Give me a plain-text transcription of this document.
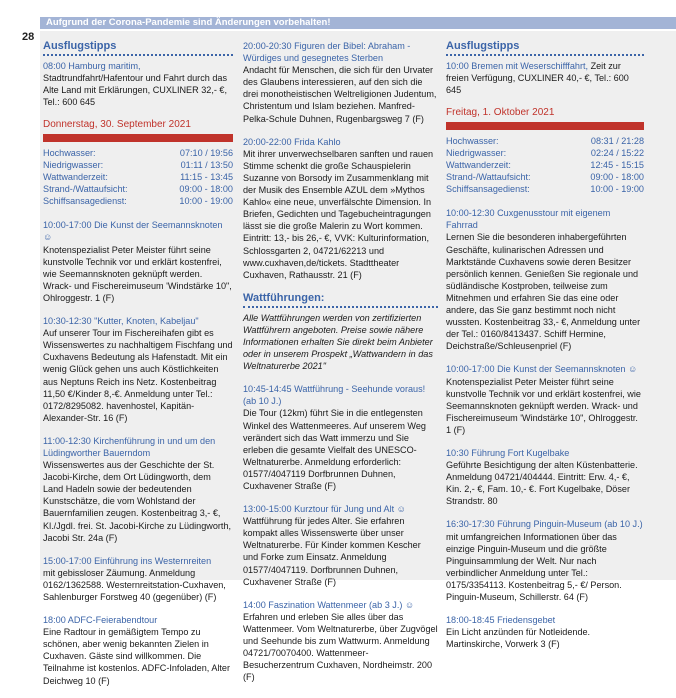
Aufgrund der Corona-Pandemie sind Änderungen vorbehalten!
28
Ausflugstipps
08:00 Hamburg maritim, Stadtrundfahrt/Hafentour und Fahrt durch das Alte Land mit Erklärungen, CUXLINER 32,- €, Tel.: 600 645
Donnerstag, 30. September 2021
Hochwasser:	07:10 / 19:56
Niedrigwasser:	01:11 / 13:50
Wattwanderzeit:	11:15 - 13:45
Strand-/Wattaufsicht:	09:00 - 18:00
Schiffsansagedienst:	10:00 - 19:00
10:00-17:00 Die Kunst der Seemannsknoten ☺
Knotenspezialist Peter Meister führt seine kunstvolle Technik vor und erklärt kostenfrei, wie Seemannsknoten geknüpft werden. Wrack- und Fischereimuseum 'Windstärke 10", Ohlroggestr. 1 (F)
10:30-12:30 "Kutter, Knoten, Kabeljau"
Auf unserer Tour im Fischereihafen gibt es Wissenswertes zu nachhaltigem Fischfang und Cuxhavens Bedeutung als Hafenstadt. Mit ein wenig Glück gehen uns auch Köstlichkeiten aus Neptuns Reich ins Netz. Kostenbeitrag 11,50 €/Kinder 8,-€. Anmeldung unter Tel.: 0172/8295082. havenhostel, Kapitän-Alexander-Str. 16 (F)
11:00-12:30 Kirchenführung in und um den Lüdingworther Bauerndom
Wissenswertes aus der Geschichte der St. Jacobi-Kirche, dem Ort Lüdingworth, dem Land Hadeln sowie der bedeutenden Kunstschätze, die vom Wohlstand der Bauernfamilien zeugen. Kostenbeitrag 3,- €, Kl./Jgdl. frei. St. Jacobi-Kirche zu Lüdingworth, Jacobi Str. 24a (F)
15:00-17:00 Einführung ins Westernreiten
mit gebissloser Zäumung. Anmeldung 0162/1362588. Westernreitstation-Cuxhaven, Sahlenburger Forstweg 40 (gegenüber) (F)
18:00 ADFC-Feierabendtour
Eine Radtour in gemäßigtem Tempo zu schönen, aber wenig bekannten Zielen in Cuxhaven. Gäste sind willkommen. Die Teilnahme ist kostenlos. ADFC-Infoladen, Alter Deichweg 10 (F)
20:00-20:30 Figuren der Bibel: Abraham - Würdiges und gesegnetes Sterben
Andacht für Menschen, die sich für den Urvater des Glaubens interessieren, auf den sich die drei monotheistischen Weltreligionen Judentum, Christentum und Islam beziehen. Manfred-Pelka-Schule Duhnen, Rugenbargsweg 7 (F)
20:00-22:00 Frida Kahlo
Mit ihrer unverwechselbaren sanften und rauen Stimme schenkt die große Schauspielerin Suzanne von Borsody im Zusammenklang mit der Musik des Ensemble AZUL dem »Mythos Kahlo« eine neue, unverfälschte Dimension. In Briefen, Gedichten und Tagebucheintragungen lässt sie die große Malerin zu Wort kommen. Eintritt: 13,- bis 26,- €, VVK: Kulturinformation, Schlossgarten 2, 04721/62213 und www.cuxhaven,de/tickets. Stadttheater Cuxhaven, Rathausstr. 21 (F)
Wattführungen:
Alle Wattführungen werden von zertifizierten Wattführern angeboten. Preise sowie nähere Informationen erhalten Sie direkt beim Anbieter oder in unserem Prospekt „Wattwandern in das Weltnaturerbe 2021"
10:45-14:45 Wattführung - Seehunde voraus! (ab 10 J.)
Die Tour (12km) führt Sie in die entlegensten Winkel des Wattenmeeres. Auf unserem Weg verändert sich das Watt immerzu und Sie erleben die gesamte Vielfalt des UNESCO-Weltnaturerbe. Anmeldung erforderlich: 01577/4047119 Dorfbrunnen Duhnen, Cuxhavener Straße (F)
13:00-15:00 Kurztour für Jung und Alt ☺
Wattführung für jedes Alter. Sie erfahren kompakt alles Wissenswerte über unser Weltnaturerbe. Für Kinder kommen Kescher und Forke zum Einsatz. Anmeldung 01577/4047119. Dorfbrunnen Duhnen, Cuxhavener Straße (F)
14:00 Faszination Wattenmeer (ab 3 J.) ☺
Erfahren und erleben Sie alles über das Wattenmeer. Vom Weltnaturerbe, über Zugvögel und Seehunde bis zum Wattwurm. Anmeldung 04721/70070400. Wattenmeer-Besucherzentrum Cuxhaven, Nordheimstr. 200 (F)
Ausflugstipps
10:00 Bremen mit Weserschifffahrt, Zeit zur freien Verfügung, CUXLINER 40,- €, Tel.: 600 645
Freitag, 1. Oktober 2021
Hochwasser:	08:31 / 21:28
Niedrigwasser:	02:24 / 15:22
Wattwanderzeit:	12:45 - 15:15
Strand-/Wattaufsicht:	09:00 - 18:00
Schiffsansagedienst:	10:00 - 19:00
10:00-12:30 Cuxgenusstour mit eigenem Fahrrad
Lernen Sie die besonderen inhabergeführten Geschäfte, kulinarischen Adressen und Marktstände Cuxhavens sowie deren Besitzer persönlich kennen. Genießen Sie regionale und südländische Kostproben, teilweise zum Mitnehmen und erfahren Sie das eine oder andere, das Sie ganz bestimmt noch nicht wussten. Kostenbeitrag 33,- €, Anmeldung unter der Tel.: 0160/8413437. Schiff Hermine, Deichstraße/Schleusenpriel (F)
10:00-17:00 Die Kunst der Seemannsknoten ☺
Knotenspezialist Peter Meister führt seine kunstvolle Technik vor und erklärt kostenfrei, wie Seemannsknoten geknüpft werden. Wrack- und Fischereimuseum 'Windstärke 10", Ohlroggestr. 1 (F)
10:30 Führung Fort Kugelbake
Geführte Besichtigung der alten Küstenbatterie. Anmeldung 04721/404444. Eintritt: Erw. 4,- €, Kin. 2,- €, Fam. 10,- €. Fort Kugelbake, Döser Strandstr. 80
16:30-17:30 Führung Pinguin-Museum (ab 10 J.)
mit umfangreichen Informationen über das einzige Pinguin-Museum und die größte Pinguinsammlung der Welt. Nur nach verbindlicher Anmeldung unter Tel.: 0175/3354113. Kostenbeitrag 5,- €/ Person. Pinguin-Museum, Schillerstr. 64 (F)
18:00-18:45 Friedensgebet
Ein Licht anzünden für Notleidende. Martinskirche, Vorwerk 3 (F)
